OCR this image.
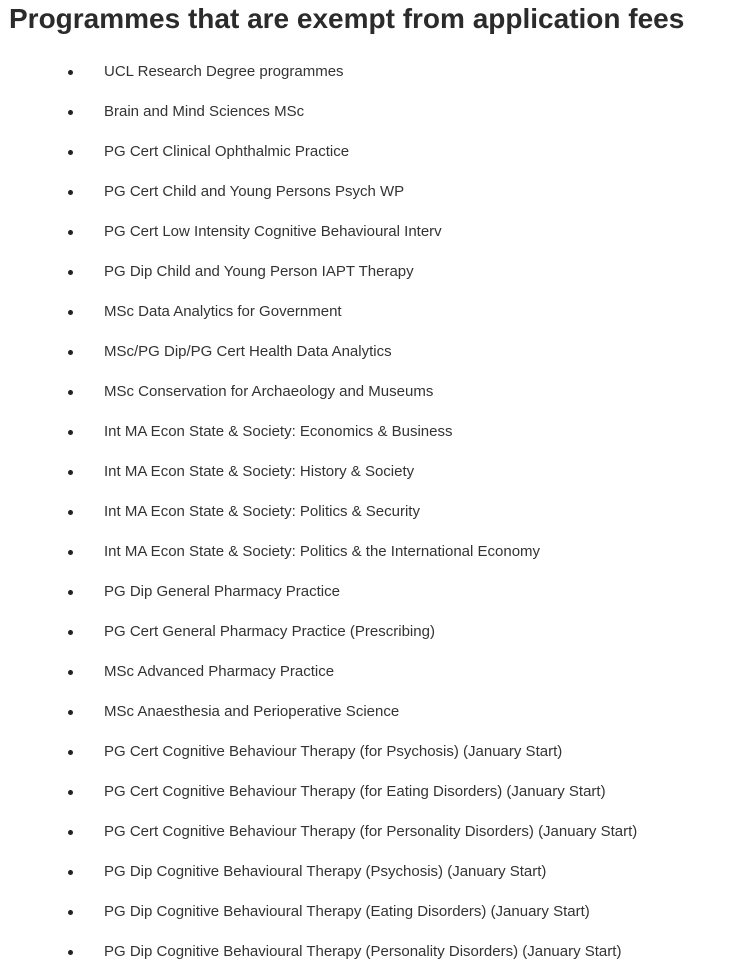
Programmes that are exempt from application fees
UCL Research Degree programmes
Brain and Mind Sciences MSc
PG Cert Clinical Ophthalmic Practice
PG Cert Child and Young Persons Psych WP
PG Cert Low Intensity Cognitive Behavioural Interv
PG Dip Child and Young Person IAPT Therapy
MSc Data Analytics for Government
MSc/PG Dip/PG Cert Health Data Analytics
MSc Conservation for Archaeology and Museums
Int MA Econ State & Society: Economics & Business
Int MA Econ State & Society: History & Society
Int MA Econ State & Society: Politics & Security
Int MA Econ State & Society: Politics & the International Economy
PG Dip General Pharmacy Practice
PG Cert General Pharmacy Practice (Prescribing)
MSc Advanced Pharmacy Practice
MSc Anaesthesia and Perioperative Science
PG Cert Cognitive Behaviour Therapy (for Psychosis) (January Start)
PG Cert Cognitive Behaviour Therapy (for Eating Disorders) (January Start)
PG Cert Cognitive Behaviour Therapy (for Personality Disorders) (January Start)
PG Dip Cognitive Behavioural Therapy (Psychosis) (January Start)
PG Dip Cognitive Behavioural Therapy (Eating Disorders) (January Start)
PG Dip Cognitive Behavioural Therapy (Personality Disorders) (January Start)
